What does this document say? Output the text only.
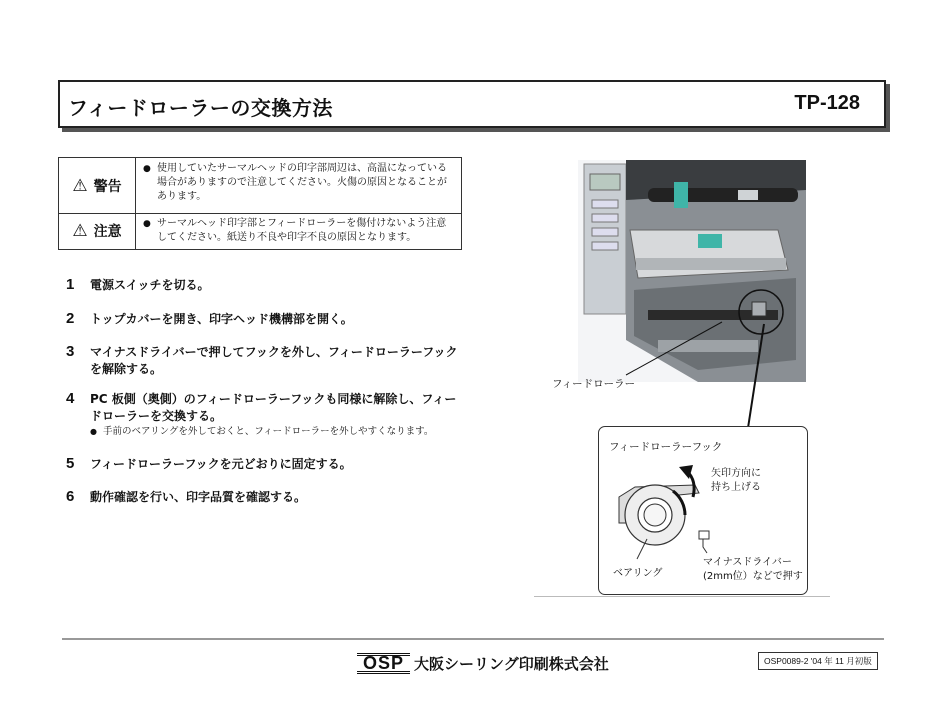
フィードローラーの交換方法	TP-128
⚠ 警告
● 使用していたサーマルヘッドの印字部周辺は、高温になっている場合がありますので注意してください。火傷の原因となることがあります。
⚠ 注意 ● サーマルヘッド印字部とフィードローラーを傷付けないよう注意してください。紙送り不良や印字不良の原因となります。
1 電源スイッチを切る。
2 トップカバーを開き、印字ヘッド機構部を開く。
3 マイナスドライバーで押してフックを外し、フィードローラーフックを解除する。
4 PC 板側（奥側）のフィードローラーフックも同様に解除し、フィードローラーを交換する。
● 手前のベアリングを外しておくと、フィードローラーを外しやすくなります。
5 フィードローラーフックを元どおりに固定する。
6 動作確認を行い、印字品質を確認する。
フィードローラー
フィードローラーフック
矢印方向に
持ち上げる
ベアリング
マイナスドライバー
(2mm位）などで押す
OSP 大阪シーリング印刷株式会社	OSP0089-2 '04 年 11 月初版
